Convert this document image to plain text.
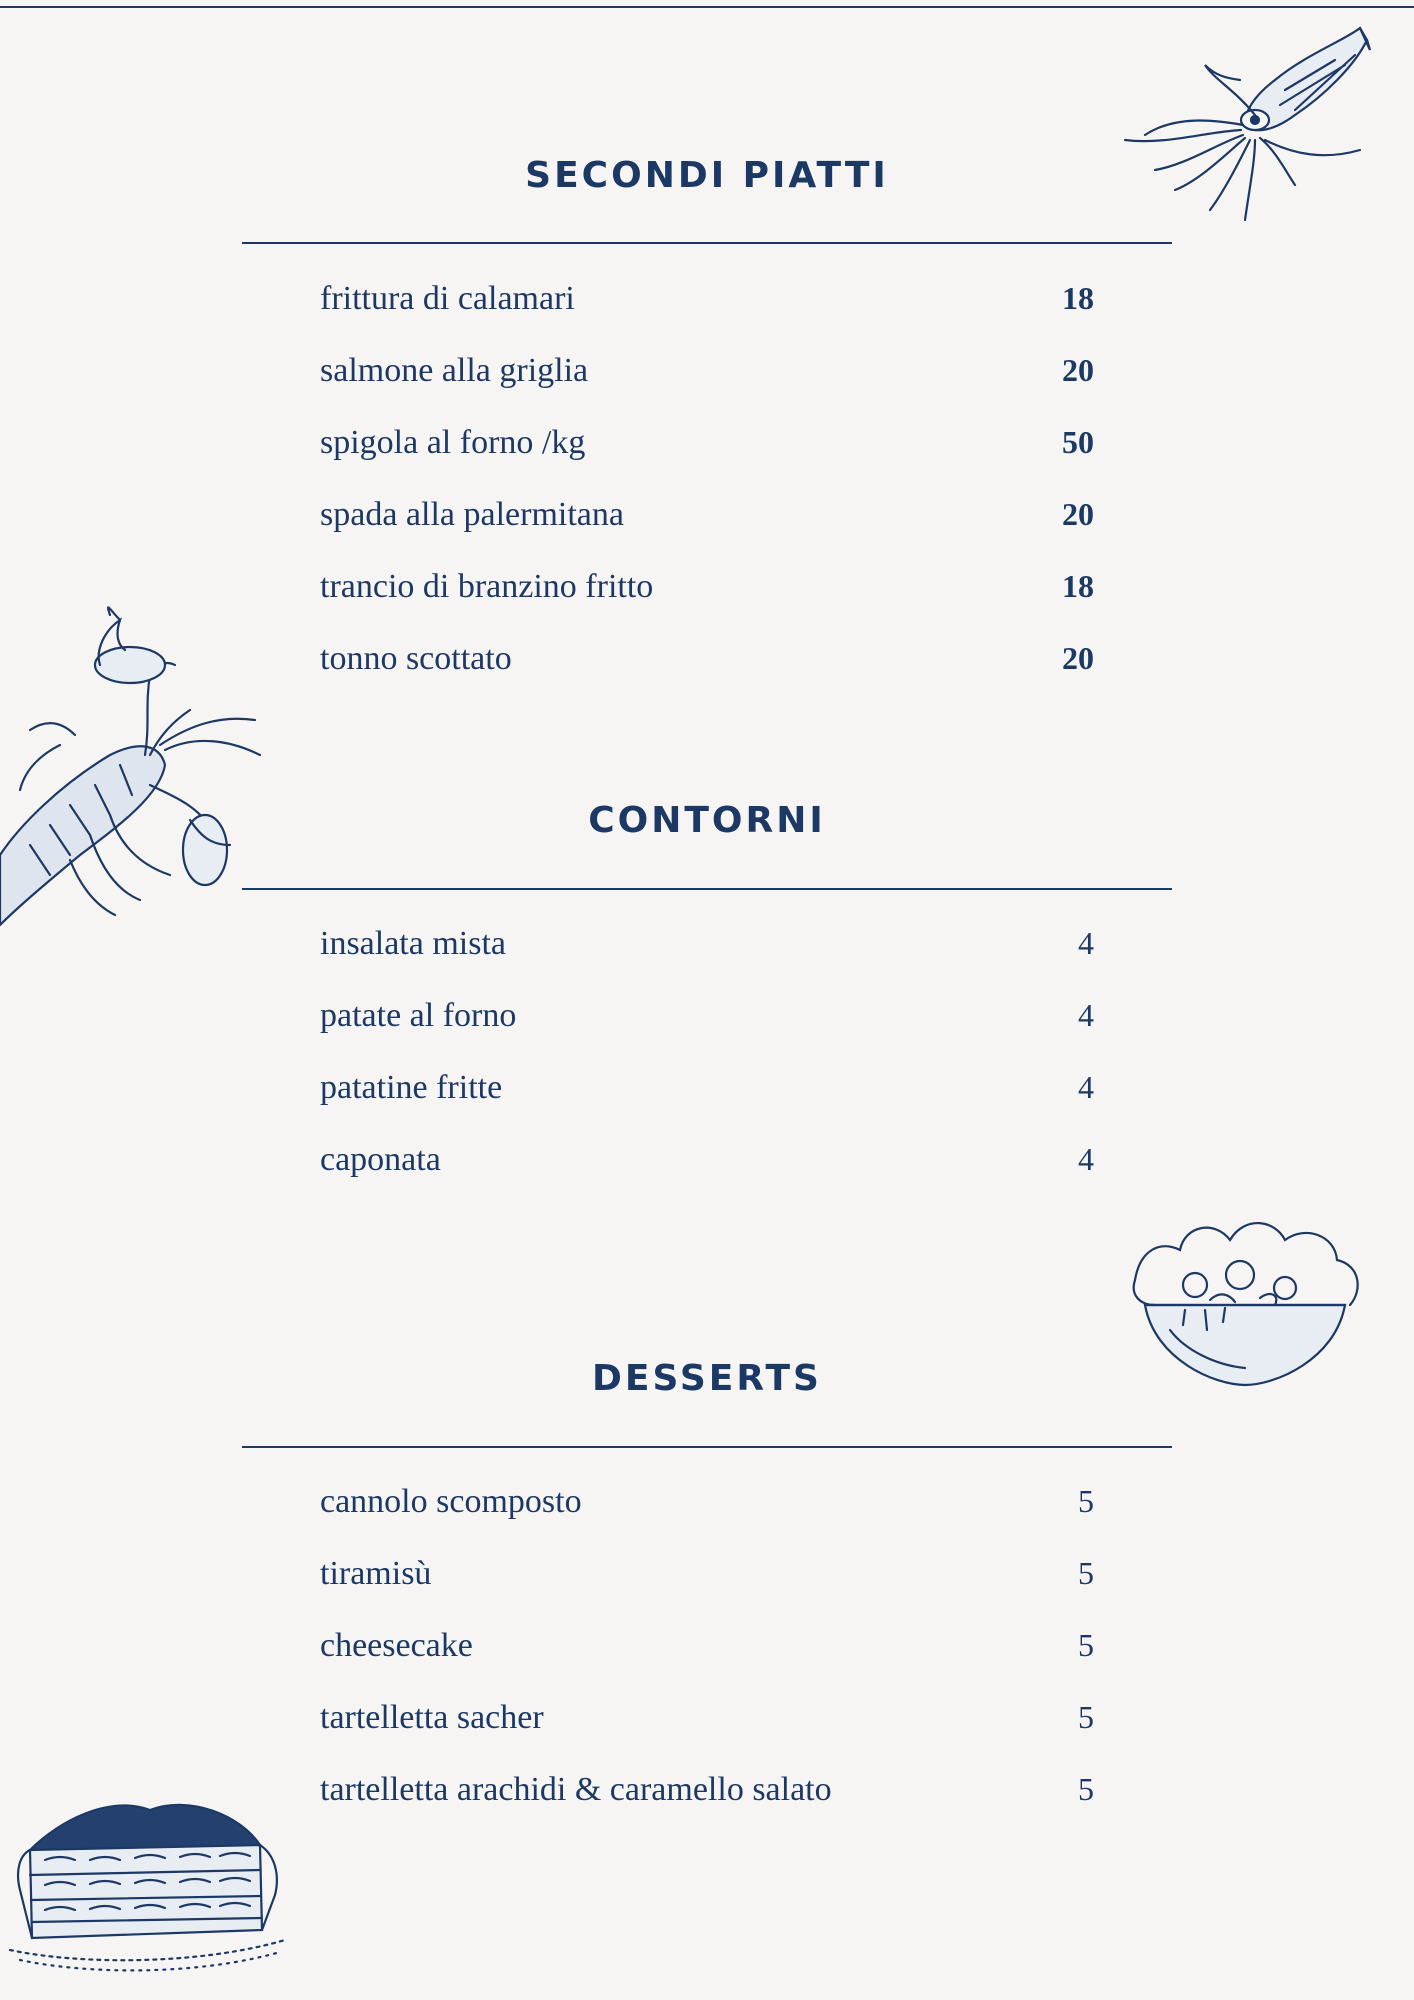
SECONDI PIATTI
frittura di calamari	18
salmone alla griglia	20
spigola al forno /kg	50
spada alla palermitana	20
trancio di branzino fritto	18
tonno scottato	20
CONTORNI
insalata mista	4
patate al forno	4
patatine fritte	4
caponata	4
DESSERTS
cannolo scomposto	5
tiramisù	5
cheesecake	5
tartelletta sacher	5
tartelletta arachidi & caramello salato	5
